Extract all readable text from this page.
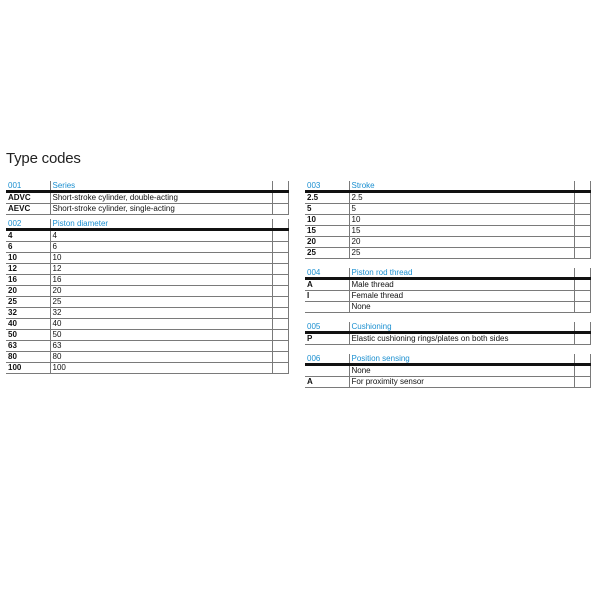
Type codes
001	Series	
ADVC	Short-stroke cylinder, double-acting	
AEVC	Short-stroke cylinder, single-acting	
002	Piston diameter	
4	4	
6	6	
10	10	
12	12	
16	16	
20	20	
25	25	
32	32	
40	40	
50	50	
63	63	
80	80	
100	100	
003	Stroke	
2.5	2.5	
5	5	
10	10	
15	15	
20	20	
25	25	
004	Piston rod thread	
A	Male thread	
I	Female thread	
	None	
005	Cushioning	
P	Elastic cushioning rings/plates on both sides	
006	Position sensing	
	None	
A	For proximity sensor	
